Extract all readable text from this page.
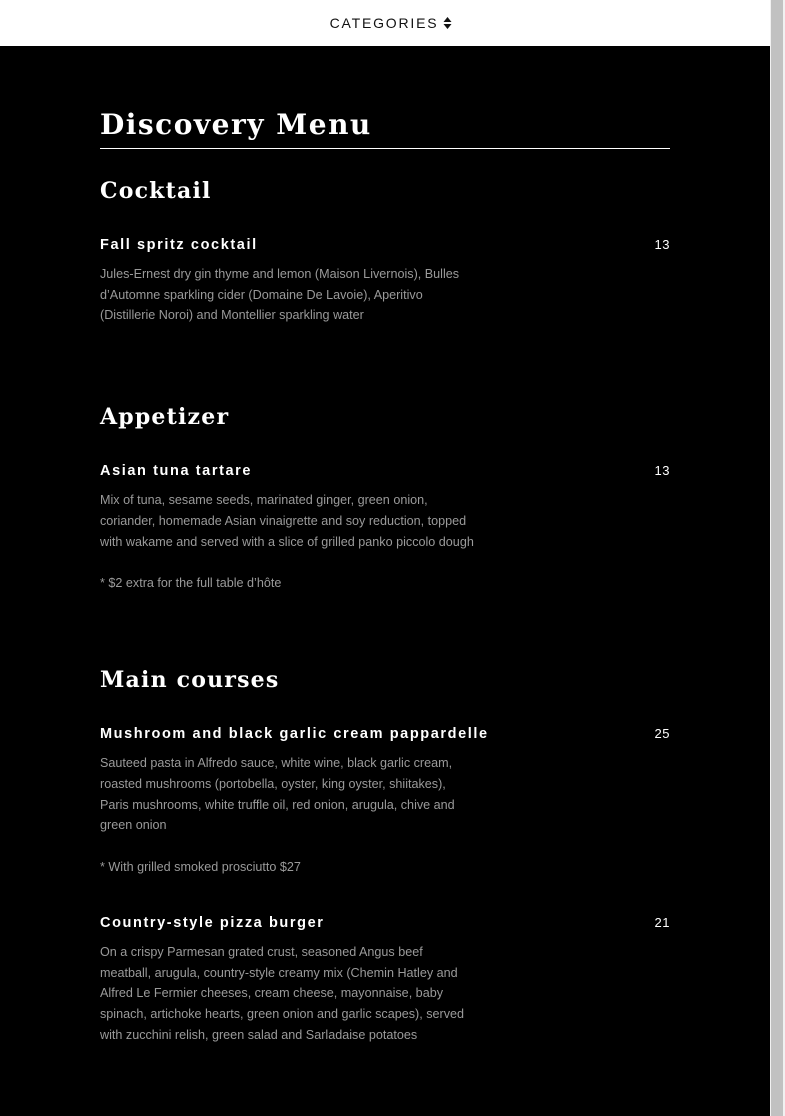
CATEGORIES
Discovery Menu
Cocktail
Fall spritz cocktail	13
Jules-Ernest dry gin thyme and lemon (Maison Livernois), Bulles d’Automne sparkling cider (Domaine De Lavoie), Aperitivo (Distillerie Noroi) and Montellier sparkling water
Appetizer
Asian tuna tartare	13
Mix of tuna, sesame seeds, marinated ginger, green onion, coriander, homemade Asian vinaigrette and soy reduction, topped with wakame and served with a slice of grilled panko piccolo dough
* $2 extra for the full table d’hôte
Main courses
Mushroom and black garlic cream pappardelle	25
Sauteed pasta in Alfredo sauce, white wine, black garlic cream, roasted mushrooms (portobella, oyster, king oyster, shiitakes), Paris mushrooms, white truffle oil, red onion, arugula, chive and green onion
* With grilled smoked prosciutto $27
Country-style pizza burger	21
On a crispy Parmesan grated crust, seasoned Angus beef meatball, arugula, country-style creamy mix (Chemin Hatley and Alfred Le Fermier cheeses, cream cheese, mayonnaise, baby spinach, artichoke hearts, green onion and garlic scapes), served with zucchini relish, green salad and Sarladaise potatoes
